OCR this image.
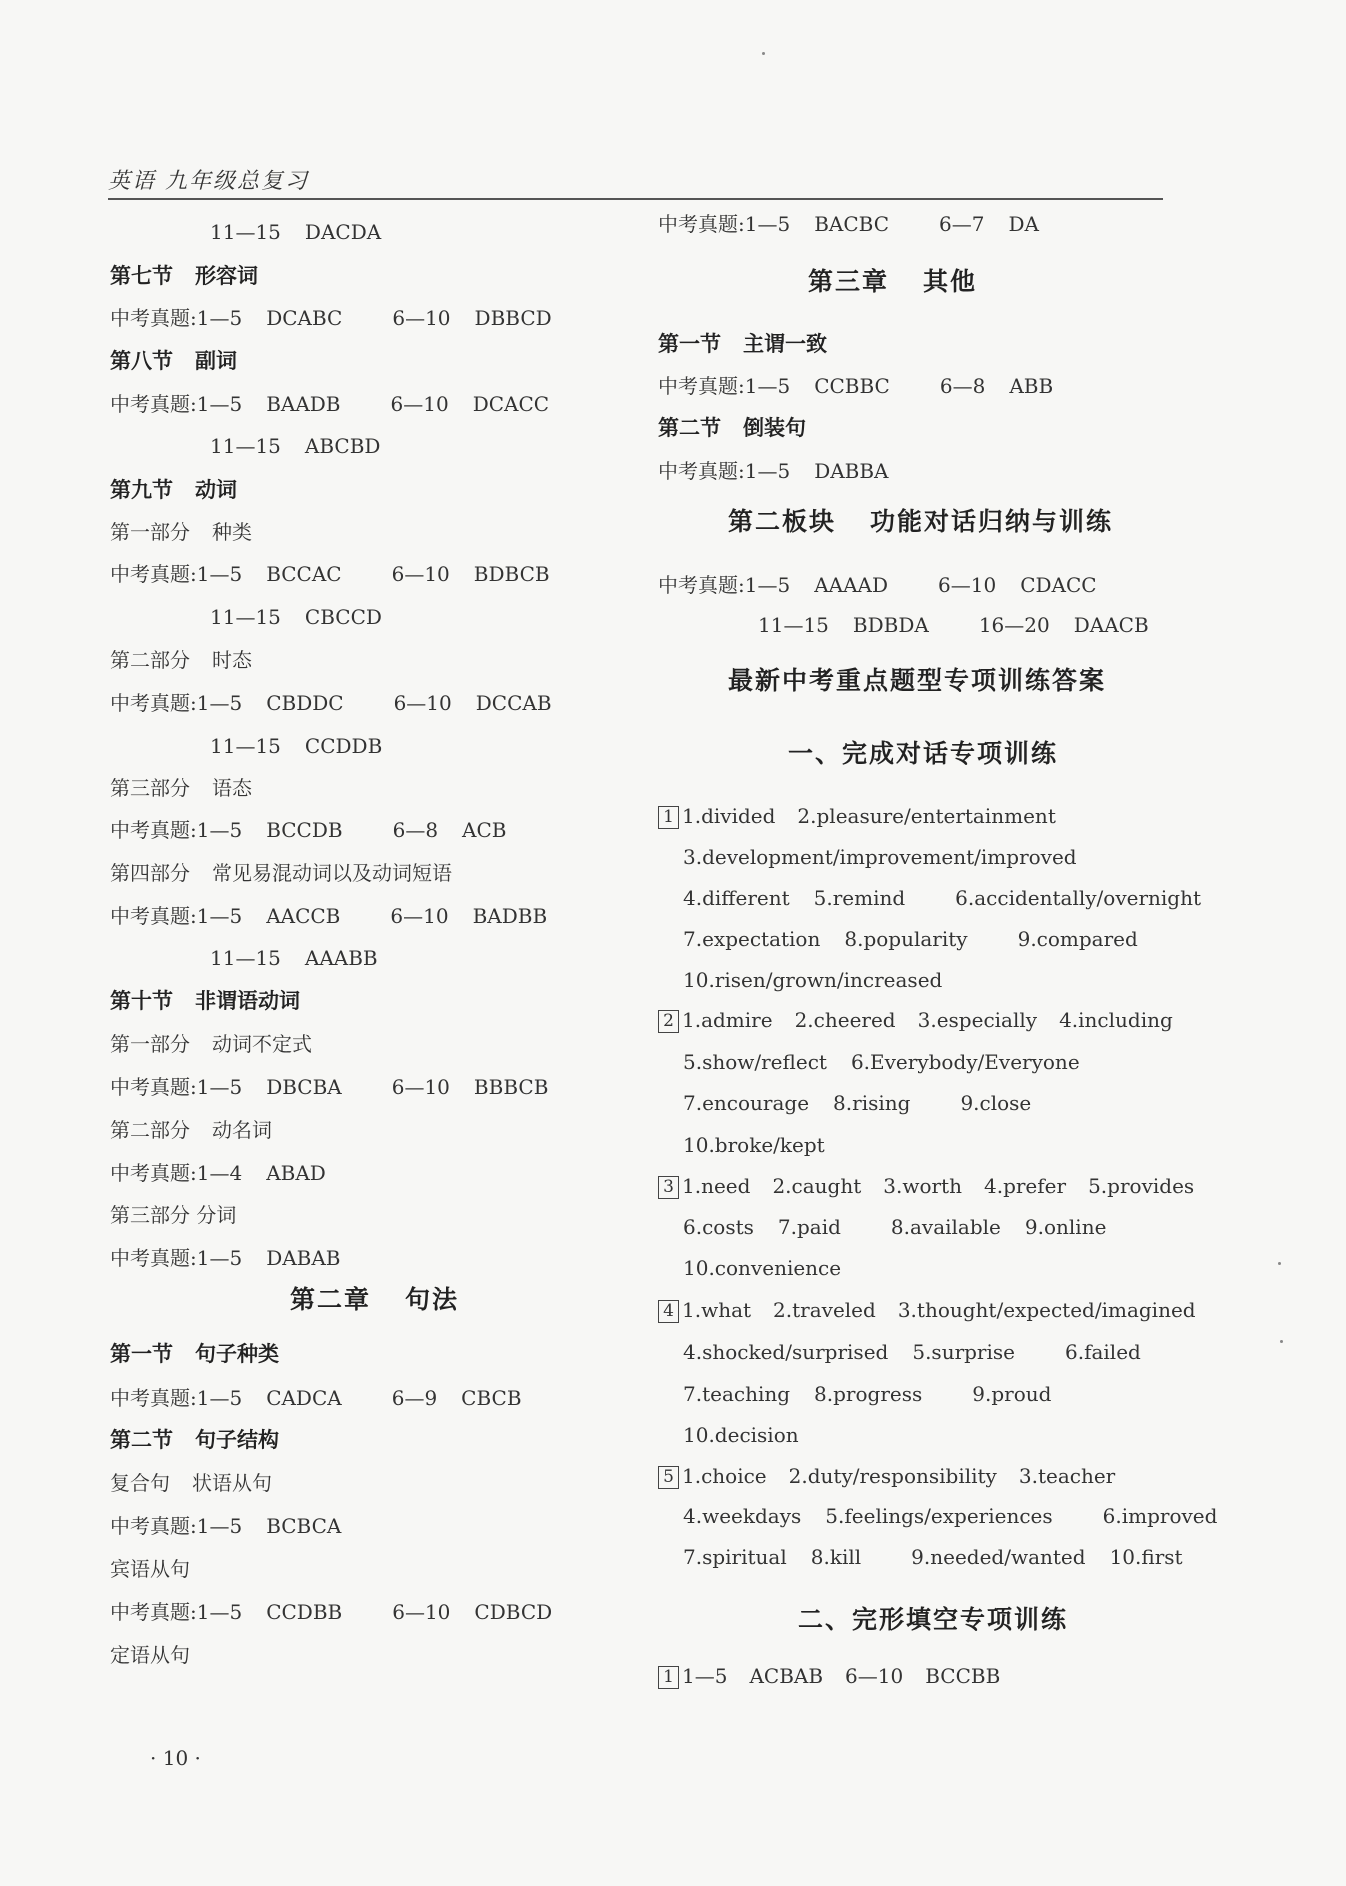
英语 九年级总复习
11—15 DACDA
第七节 形容词
中考真题:1—5 DCABC	6—10 DBBCD
第八节 副词
中考真题:1—5 BAADB	6—10 DCACC
11—15 ABCBD
第九节 动词
第一部分 种类
中考真题:1—5 BCCAC	6—10 BDBCB
11—15 CBCCD
第二部分 时态
中考真题:1—5 CBDDC	6—10 DCCAB
11—15 CCDDB
第三部分 语态
中考真题:1—5 BCCDB	6—8 ACB
第四部分 常见易混动词以及动词短语
中考真题:1—5 AACCB	6—10 BADBB
11—15 AAABB
第十节 非谓语动词
第一部分 动词不定式
中考真题:1—5 DBCBA	6—10 BBBCB
第二部分 动名词
中考真题:1—4 ABAD
第三部分 分词
中考真题:1—5 DABAB
第二章 句法
第一节 句子种类
中考真题:1—5 CADCA	6—9 CBCB
第二节 句子结构
复合句 状语从句
中考真题:1—5 BCBCA
宾语从句
中考真题:1—5 CCDBB	6—10 CDBCD
定语从句
中考真题:1—5 BACBC	6—7 DA
第三章 其他
第一节 主谓一致
中考真题:1—5 CCBBC	6—8 ABB
第二节 倒装句
中考真题:1—5 DABBA
第二板块 功能对话归纳与训练
中考真题:1—5 AAAAD	6—10 CDACC
11—15 BDBDA	16—20 DAACB
最新中考重点题型专项训练答案
一、完成对话专项训练
1 1.divided 2.pleasure/entertainment
3.development/improvement/improved
4.different 5.remind	6.accidentally/overnight
7.expectation 8.popularity	9.compared
10.risen/grown/increased
2 1.admire 2.cheered 3.especially 4.including
5.show/reflect 6.Everybody/Everyone
7.encourage 8.rising	9.close
10.broke/kept
3 1.need 2.caught 3.worth 4.prefer 5.provides
6.costs 7.paid	8.available 9.online
10.convenience
4 1.what 2.traveled 3.thought/expected/imagined
4.shocked/surprised 5.surprise	6.failed
7.teaching 8.progress	9.proud
10.decision
5 1.choice 2.duty/responsibility 3.teacher
4.weekdays 5.feelings/experiences	6.improved
7.spiritual 8.kill	9.needed/wanted 10.first
二、完形填空专项训练
1 1—5 ACBAB 6—10 BCCBB
· 10 ·
